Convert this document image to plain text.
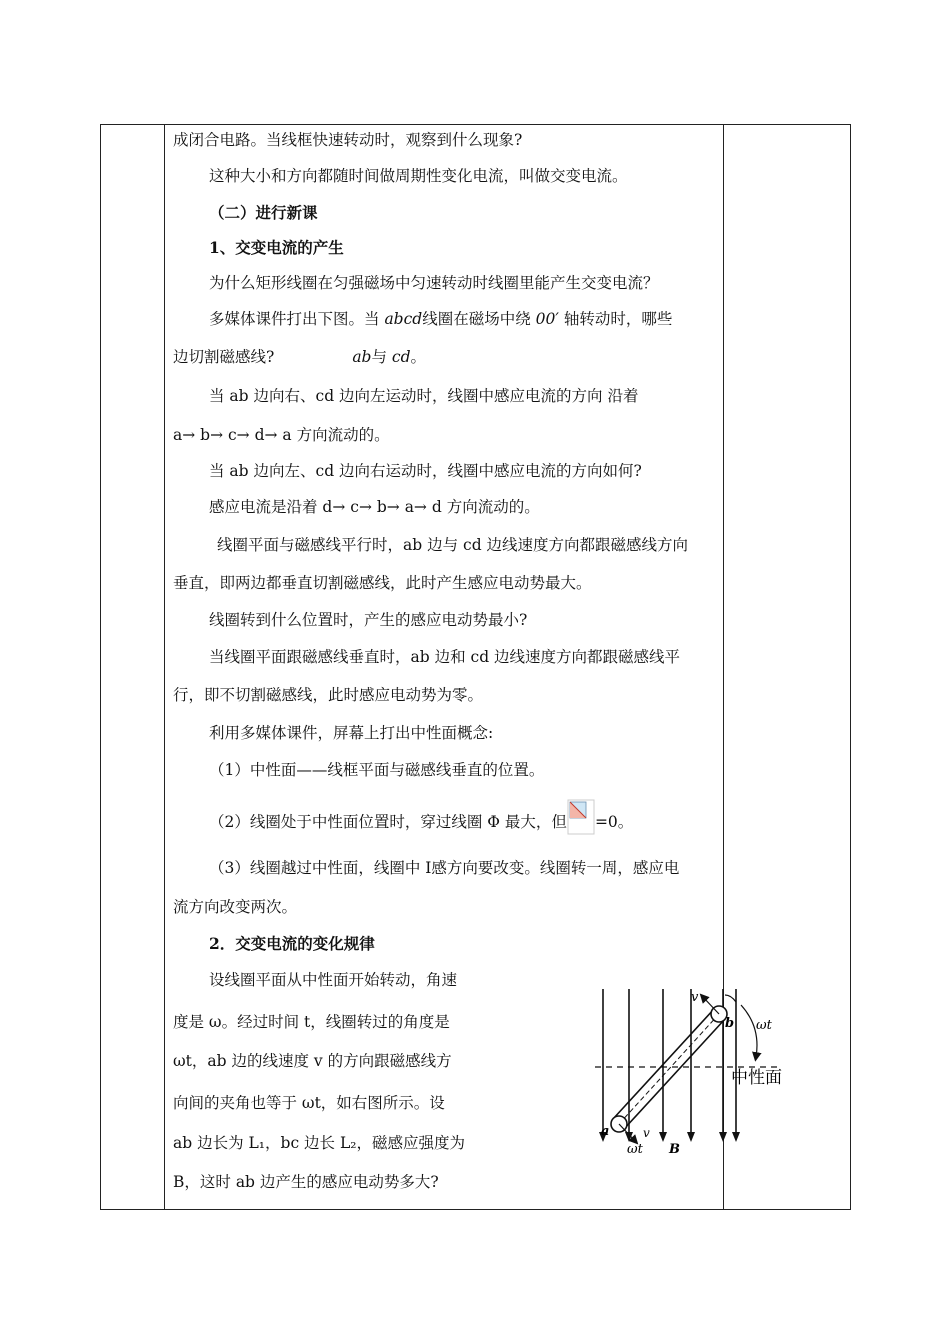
成闭合电路。当线框快速转动时，观察到什么现象?
这种大小和方向都随时间做周期性变化电流，叫做交变电流。
（二）进行新课
1、交变电流的产生
为什么矩形线圈在匀强磁场中匀速转动时线圈里能产生交变电流？
多媒体课件打出下图。当 abcd线圈在磁场中绕 00′ 轴转动时，哪些
边切割磁感线?	ab与 cd。
当 ab 边向右、cd 边向左运动时，线圈中感应电流的方向 沿着
a→ b→ c→ d→ a 方向流动的。
当 ab 边向左、cd 边向右运动时，线圈中感应电流的方向如何?
感应电流是沿着 d→ c→ b→ a→ d 方向流动的。
线圈平面与磁感线平行时，ab 边与 cd 边线速度方向都跟磁感线方向
垂直，即两边都垂直切割磁感线，此时产生感应电动势最大。
线圈转到什么位置时，产生的感应电动势最小?
当线圈平面跟磁感线垂直时，ab 边和 cd 边线速度方向都跟磁感线平
行，即不切割磁感线，此时感应电动势为零。
利用多媒体课件，屏幕上打出中性面概念:
（1）中性面——线框平面与磁感线垂直的位置。
（2）线圈处于中性面位置时，穿过线圈 Φ 最大，但 =0。
（3）线圈越过中性面，线圈中 I感方向要改变。线圈转一周，感应电
流方向改变两次。
2．交变电流的变化规律
设线圈平面从中性面开始转动，角速
度是 ω。经过时间 t，线圈转过的角度是
ωt，ab 边的线速度 v 的方向跟磁感线方
向间的夹角也等于 ωt，如右图所示。设
ab 边长为 L₁，bc 边长 L₂，磁感应强度为
B，这时 ab 边产生的感应电动势多大?
中性面
v
b ωt
a	v
ωt B
